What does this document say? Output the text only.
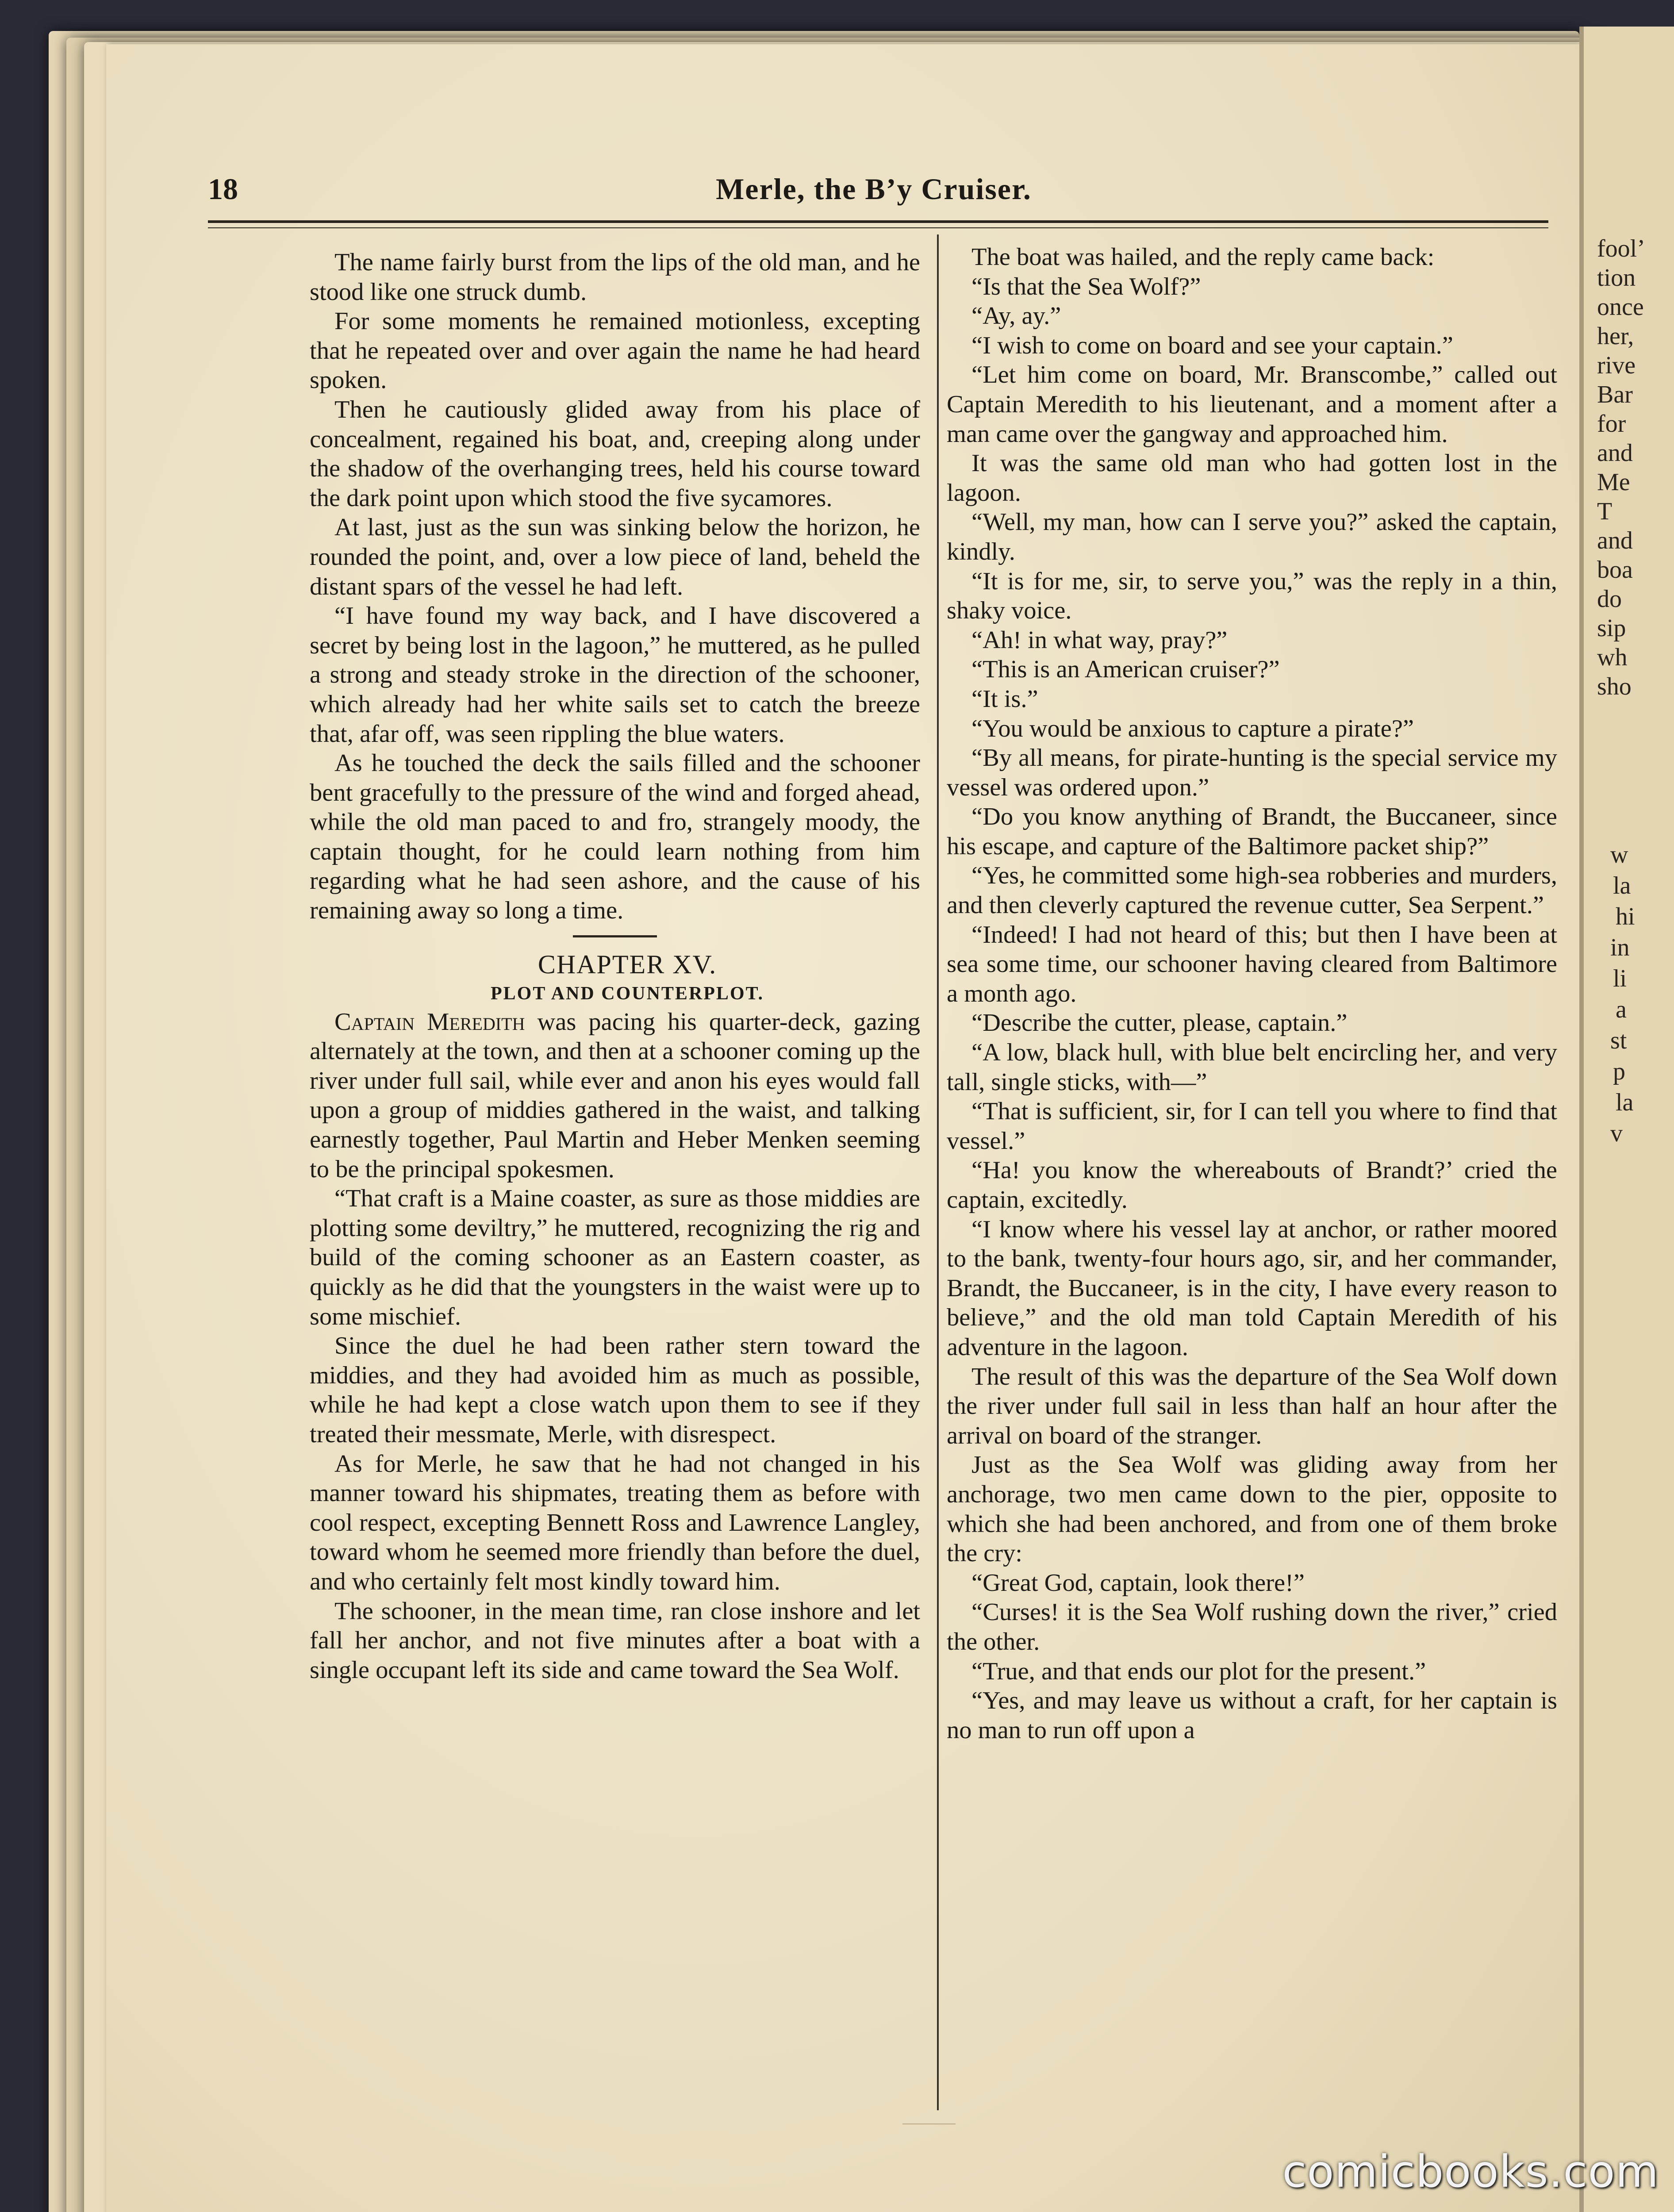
fool’
tion
once
her,
rive
Bar
for
and
Me
T
and
boa
do
sip
wh
sho
w
la
hi
in
li
a
st
p
la
v
18	Merle, the B’y Cruiser.

The name fairly burst from the lips of the old man, and he stood like one struck dumb.

For some moments he remained motionless, excepting that he repeated over and over again the name he had heard spoken.

Then he cautiously glided away from his place of concealment, regained his boat, and, creeping along under the shadow of the overhanging trees, held his course toward the dark point upon which stood the five sycamores.

At last, just as the sun was sinking below the horizon, he rounded the point, and, over a low piece of land, beheld the distant spars of the vessel he had left.

“I have found my way back, and I have discovered a secret by being lost in the lagoon,” he muttered, as he pulled a strong and steady stroke in the direction of the schooner, which already had her white sails set to catch the breeze that, afar off, was seen rippling the blue waters.

As he touched the deck the sails filled and the schooner bent gracefully to the pressure of the wind and forged ahead, while the old man paced to and fro, strangely moody, the captain thought, for he could learn nothing from him regarding what he had seen ashore, and the cause of his remaining away so long a time.

CHAPTER XV.

PLOT AND COUNTERPLOT.

Captain Meredith was pacing his quarter-deck, gazing alternately at the town, and then at a schooner coming up the river under full sail, while ever and anon his eyes would fall upon a group of middies gathered in the waist, and talking earnestly together, Paul Martin and Heber Menken seeming to be the principal spokesmen.

“That craft is a Maine coaster, as sure as those middies are plotting some deviltry,” he muttered, recognizing the rig and build of the coming schooner as an Eastern coaster, as quickly as he did that the youngsters in the waist were up to some mischief.

Since the duel he had been rather stern toward the middies, and they had avoided him as much as possible, while he had kept a close watch upon them to see if they treated their messmate, Merle, with disrespect.

As for Merle, he saw that he had not changed in his manner toward his shipmates, treating them as before with cool respect, excepting Bennett Ross and Lawrence Langley, toward whom he seemed more friendly than before the duel, and who certainly felt most kindly toward him.

The schooner, in the mean time, ran close inshore and let fall her anchor, and not five minutes after a boat with a single occupant left its side and came toward the Sea Wolf.

The boat was hailed, and the reply came back:

“Is that the Sea Wolf?”

“Ay, ay.”

“I wish to come on board and see your captain.”

“Let him come on board, Mr. Branscombe,” called out Captain Meredith to his lieutenant, and a moment after a man came over the gangway and approached him.

It was the same old man who had gotten lost in the lagoon.

“Well, my man, how can I serve you?” asked the captain, kindly.

“It is for me, sir, to serve you,” was the reply in a thin, shaky voice.

“Ah! in what way, pray?”

“This is an American cruiser?”

“It is.”

“You would be anxious to capture a pirate?”

“By all means, for pirate-hunting is the special service my vessel was ordered upon.”

“Do you know anything of Brandt, the Buccaneer, since his escape, and capture of the Baltimore packet ship?”

“Yes, he committed some high-sea robberies and murders, and then cleverly captured the revenue cutter, Sea Serpent.”

“Indeed! I had not heard of this; but then I have been at sea some time, our schooner having cleared from Baltimore a month ago.

“Describe the cutter, please, captain.”

“A low, black hull, with blue belt encircling her, and very tall, single sticks, with—”

“That is sufficient, sir, for I can tell you where to find that vessel.”

“Ha! you know the whereabouts of Brandt?’ cried the captain, excitedly.

“I know where his vessel lay at anchor, or rather moored to the bank, twenty-four hours ago, sir, and her commander, Brandt, the Buccaneer, is in the city, I have every reason to believe,” and the old man told Captain Meredith of his adventure in the lagoon.

The result of this was the departure of the Sea Wolf down the river under full sail in less than half an hour after the arrival on board of the stranger.

Just as the Sea Wolf was gliding away from her anchorage, two men came down to the pier, opposite to which she had been anchored, and from one of them broke the cry:

“Great God, captain, look there!”

“Curses! it is the Sea Wolf rushing down the river,” cried the other.

“True, and that ends our plot for the present.”

“Yes, and may leave us without a craft, for her captain is no man to run off upon a

comicbooks.com
